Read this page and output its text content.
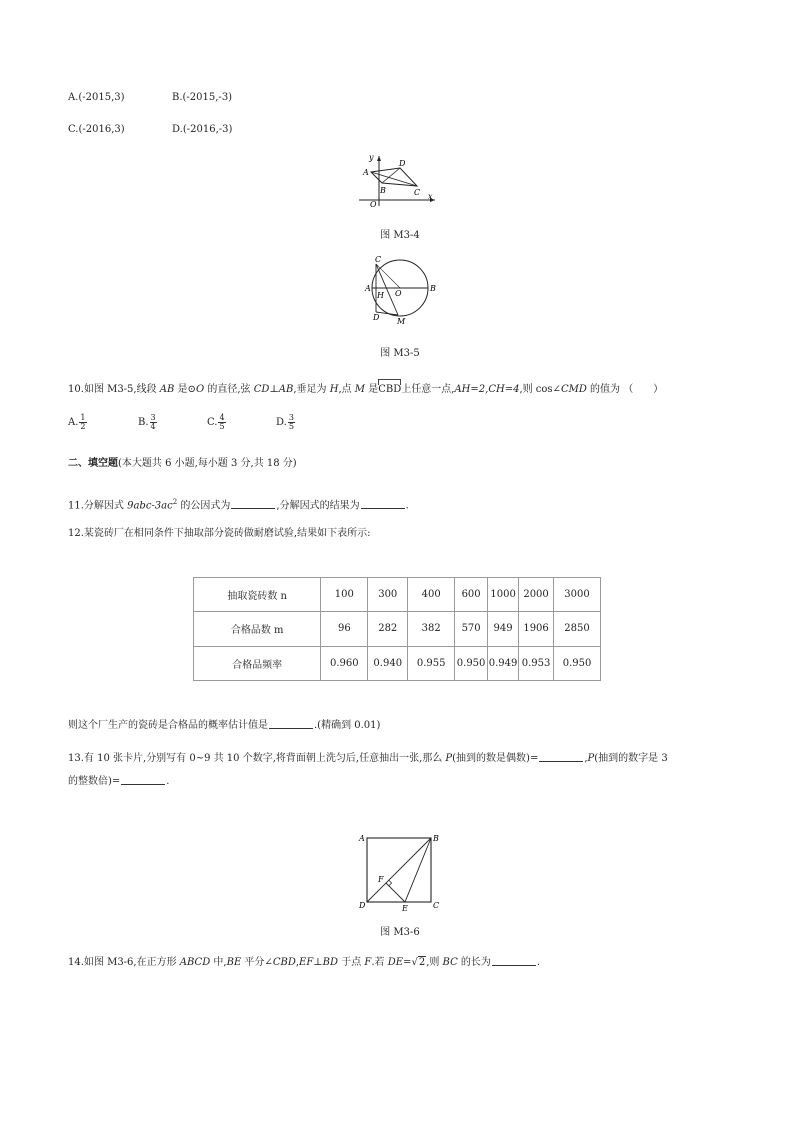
A.(-2015,3)	B.(-2015,-3)
C.(-2016,3)	D.(-2016,-3)
y
x
O
A
B	C
D
图 M3-4
C
A
H O
B
D M
图 M3-5
10.如图 M3-5,线段 AB 是⊙O 的直径,弦 CD⊥AB,垂足为 H,点 M 是CBD上任意一点,AH=2,CH=4,则 cos∠CMD 的值为 （　　）
A. $\frac{1}{2}$	B. $\frac{3}{4}$	C. $\frac{4}{5}$	D. $\frac{3}{5}$
二、填空题(本大题共 6 小题,每小题 3 分,共 18 分)
11.分解因式 $9abc-3ac^2$ 的公因式为	,分解因式的结果为	.
12.某瓷砖厂在相同条件下抽取部分瓷砖做耐磨试验,结果如下表所示:
抽取瓷砖数 n	100	300	400	600	1000	2000	3000
合格品数 m	96	282	382	570	949	1906	2850
合格品频率	0.960	0.940	0.955	0.950	0.949	0.953	0.950
则这个厂生产的瓷砖是合格品的概率估计值是	.(精确到 0.01)
13.有 10 张卡片,分别写有 0~9 共 10 个数字,将背面朝上洗匀后,任意抽出一张,那么 P(抽到的数是偶数)=	,P(抽到的数字是 3
的整数倍)=	.
A	B
C
D	E
F
图 M3-6
14.如图 M3-6,在正方形 ABCD 中,BE 平分∠CBD,EF⊥BD 于点 F.若 DE=√2,则 BC 的长为	.
